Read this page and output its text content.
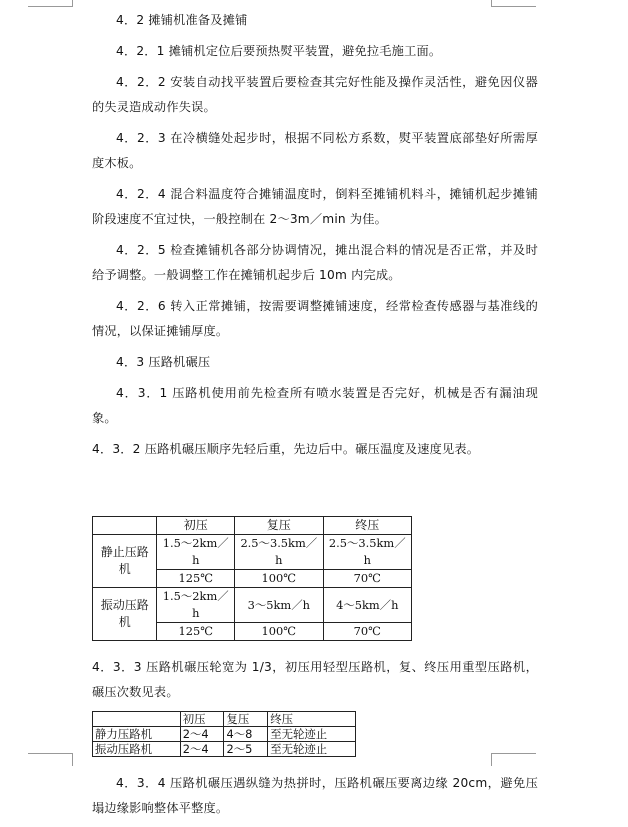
4．2 摊铺机准备及摊铺

4．2．1 摊铺机定位后要预热熨平装置，避免拉毛施工面。

4．2．2 安装自动找平装置后要检查其完好性能及操作灵活性，避免因仪器的失灵造成动作失误。

4．2．3 在冷横缝处起步时，根据不同松方系数，熨平装置底部垫好所需厚度木板。

4．2．4 混合料温度符合摊铺温度时，倒料至摊铺机料斗，摊铺机起步摊铺阶段速度不宜过快，一般控制在 2～3m／min 为佳。

4．2．5 检查摊铺机各部分协调情况，摊出混合料的情况是否正常，并及时给予调整。一般调整工作在摊铺机起步后 10m 内完成。

4．2．6 转入正常摊铺，按需要调整摊铺速度，经常检查传感器与基准线的情况，以保证摊铺厚度。

4．3 压路机碾压

4．3．1 压路机使用前先检查所有喷水装置是否完好，机械是否有漏油现象。

4．3．2 压路机碾压顺序先轻后重，先边后中。碾压温度及速度见表。

	初压	复压	终压
静止压路机	1.5～2km／h	2.5～3.5km／h	2.5～3.5km／h
	125℃	100℃	70℃
振动压路机	1.5～2km／h	3～5km／h	4～5km／h
	125℃	100℃	70℃

4．3．3 压路机碾压轮宽为 1/3，初压用轻型压路机，复、终压用重型压路机，碾压次数见表。

	初压	复压	终压
静力压路机	2～4	4～8	至无轮迹止
振动压路机	2～4	2～5	至无轮迹止

4．3．4 压路机碾压遇纵缝为热拼时，压路机碾压要离边缘 20cm，避免压塌边缘影响整体平整度。
